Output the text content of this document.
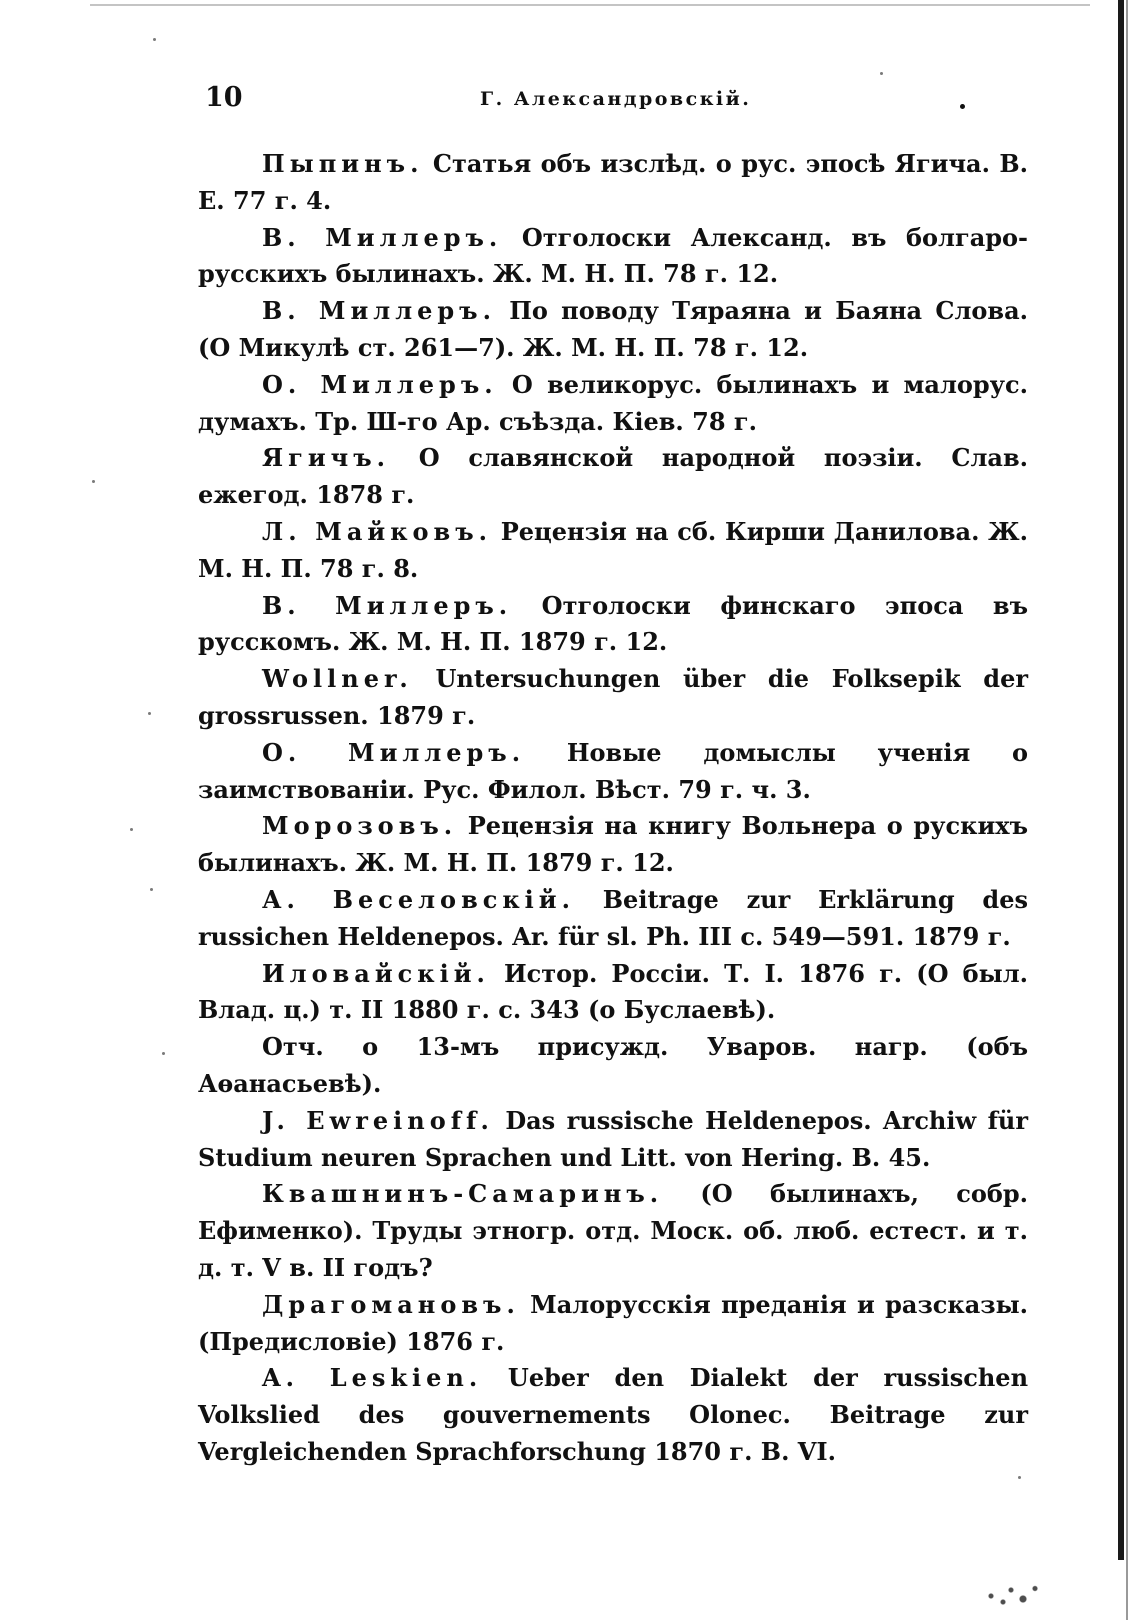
10	Г. Александровскій.

Пыпинъ. Статья объ изслѣд. о рус. эпосѣ Ягича. В. Е. 77 г. 4.

В. Миллеръ. Отголоски Александ. въ болгаро-русскихъ былинахъ. Ж. М. Н. П. 78 г. 12.

В. Миллеръ. По поводу Тяраяна и Баяна Слова. (О Микулѣ ст. 261—7). Ж. М. Н. П. 78 г. 12.

О. Миллеръ. О великорус. былинахъ и малорус. думахъ. Тр. Ш-го Ар. съѣзда. Кіев. 78 г.

Ягичъ. О славянской народной поэзіи. Слав. ежегод. 1878 г.

Л. Майковъ. Рецензія на сб. Кирши Данилова. Ж. М. Н. П. 78 г. 8.

В. Миллеръ. Отголоски финскаго эпоса въ русскомъ. Ж. М. Н. П. 1879 г. 12.

Wollner. Untersuchungen über die Folksepik der grossrussen. 1879 г.

О. Миллеръ. Новые домыслы ученія о заимствованіи. Рус. Филол. Вѣст. 79 г. ч. 3.

Морозовъ. Рецензія на книгу Вольнера о рускихъ былинахъ. Ж. М. Н. П. 1879 г. 12.

А. Веселовскій. Beitrage zur Erklärung des russichen Heldenepos. Ar. für sl. Ph. III с. 549—591. 1879 г.

Иловайскій. Истор. Россіи. Т. І. 1876 г. (О был. Влад. ц.) т. II 1880 г. с. 343 (о Буслаевѣ).

Отч. о 13-мъ присужд. Уваров. нагр. (объ Аѳанасьевѣ).

J. Ewreinoff. Das russische Heldenepos. Archiw für Studium neuren Sprachen und Litt. von Hering. B. 45.

Квашнинъ-Самаринъ. (О былинахъ, собр. Ефименко). Труды этногр. отд. Моск. об. люб. естест. и т. д. т. V в. II годъ?

Драгомановъ. Малорусскія преданія и разсказы. (Предисловіе) 1876 г.

A. Leskien. Ueber den Dialekt der russischen Volkslied des gouvernements Olonec. Beitrage zur Vergleichenden Sprachforschung 1870 г. B. VI.
